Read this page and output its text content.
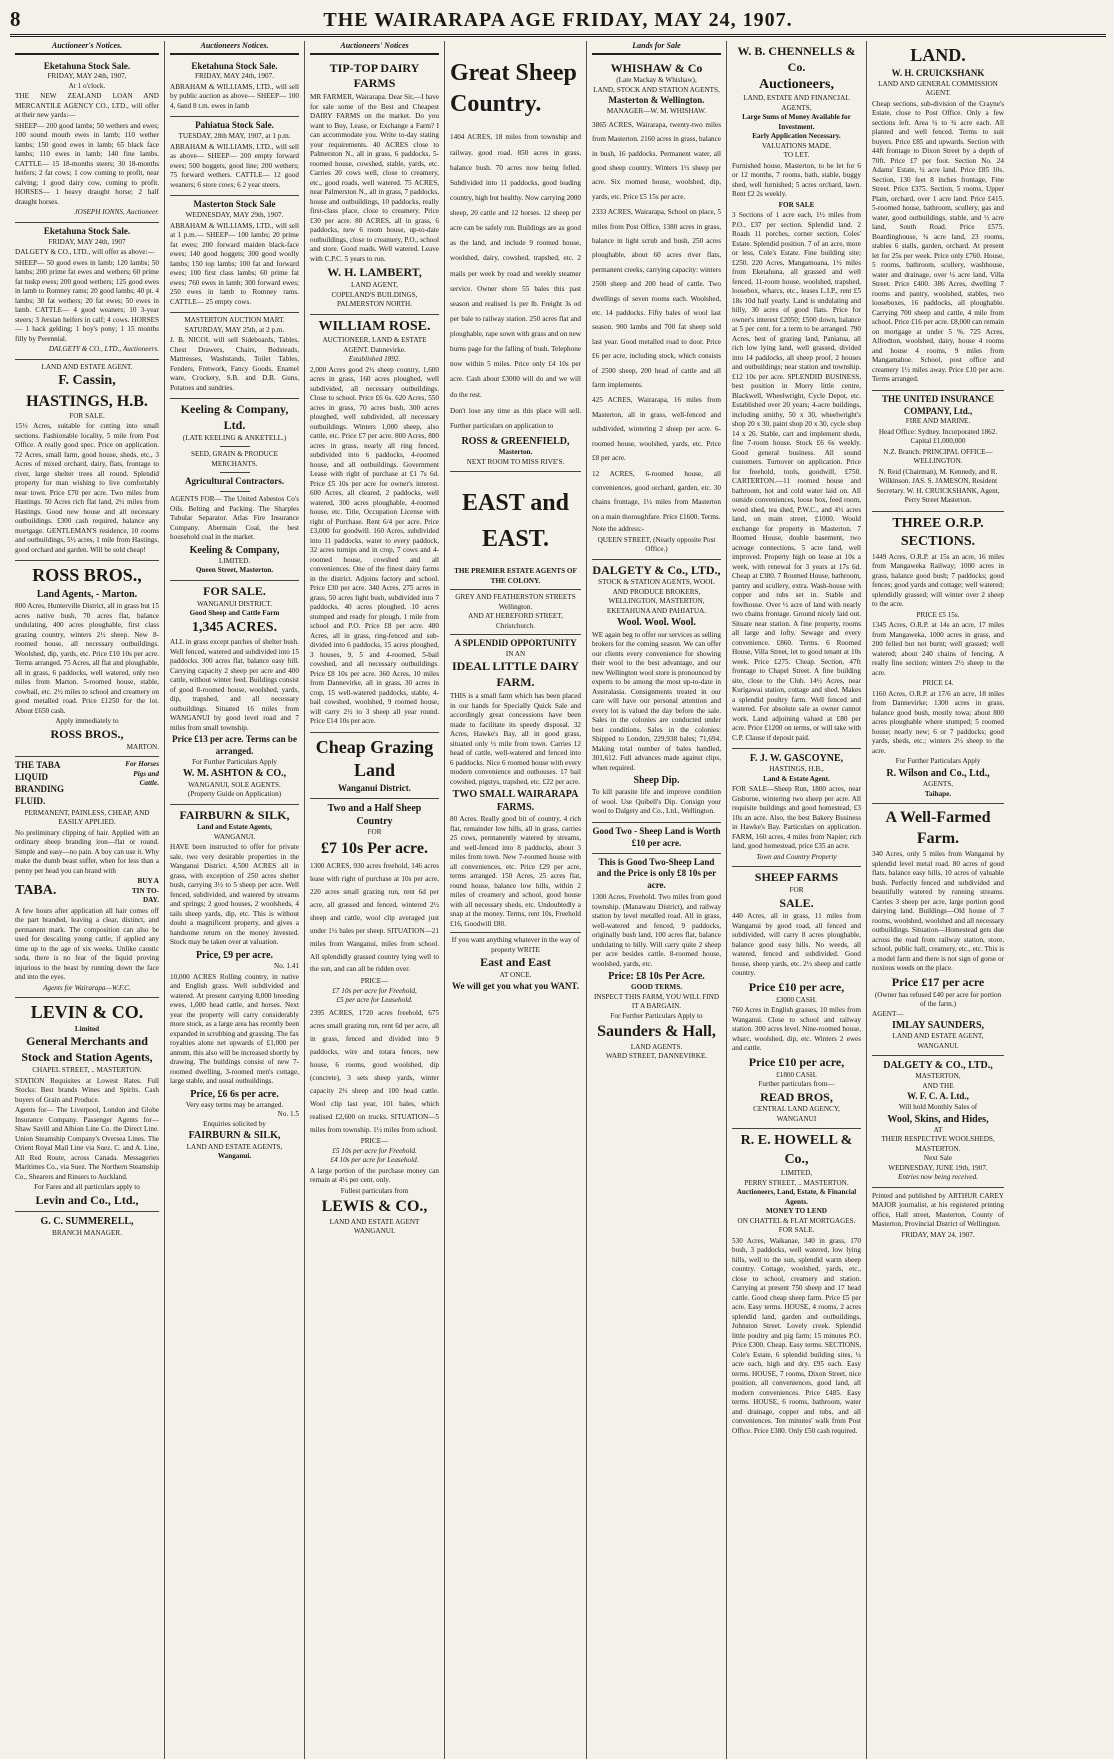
8	THE WAIRARAPA AGE FRIDAY, MAY 24, 1907.
Auctioneer's Notices.
Eketahuna Stock Sale.
FRIDAY, MAY 24th, 1907,
At 1 o'clock.

THE NEW ZEALAND LOAN AND MERCANTILE AGENCY CO., LTD., will offer at their new yards:—

SHEEP— 200 good lambs; 50 wethers and ewes; 100 sound mouth ewes in lamb; 110 wether lambs; 150 good ewes in lamb; 65 black face lambs; 110 ewes in lamb; 140 fine lambs. CATTLE— 15 18-months steers; 30 18-months heifers; 2 fat cows; 1 cow coming to profit, near calving; 1 good dairy cow, coming to profit. HORSES— 1 heavy draught horse; 2 half draught horses.

JOSEPH IONNS, Auctioneer.
Eketahuna Stock Sale.
FRIDAY, MAY 24th, 1907

DALGETY & CO., LTD., will offer as above:—

SHEEP— 50 good ewes in lamb; 120 lambs; 50 lambs; 200 prime fat ewes and wethers; 60 prime fat tuskp ewes; 200 good wethers; 125 good ewes in lamb to Romney rams; 20 good lambs; 40 pt. 4 lambs; 30 fat wethers; 20 fat ewes; 50 ewes in lamb. CATTLE— 4 good weaners; 10 3-year steers; 3 Jersian heifers in calf; 4 cows. HORSES— 1 hack gelding; 1 boy's pony; 1 15 months filly by Perennial.

DALGETY & CO., LTD., Auctioneers.
LAND AND ESTATE AGENT.
F. Cassin,
HASTINGS, H.B.
FOR SALE.

15½ Acres, suitable for cutting into small sections. Fashionable locality, 5 mile from Post Office. A really good spec. Price on application. 72 Acres, small farm, good house, sheds, etc., 3 Acres of mixed orchard, dairy, flats, frontage to river, large shelter trees all round. Splendid property for man wishing to live comfortably near town. Price £70 per acre. Two miles from Hastings. 50 Acres rich flat land, 2½ miles from Hastings. Good new house and all necessary outbuildings. £300 cash required, balance any mortgage. GENTLEMAN'S residence, 10 rooms and outbuildings, 5½ acres, 1 mile from Hastings, good orchard and garden. Will be sold cheap!

ROSS BROS.,
Land Agents, - Marton.

800 Acres, Hunterville District, all in grass but 15 acres native bush, 70 acres flat, balance undulating, 400 acres ploughable, first class grazing country, winters 2½ sheep. New 8-roomed house, all necessary outbuildings. Woolshed, dip, yards, etc. Price £10 10s per acre. Terms arranged. 75 Acres, all flat and ploughable, all in grass, 6 paddocks, well watered, only two miles from Marton. 5-roomed house, stable, cowbail, etc. 2½ miles to school and creamery on good metalled road. Price £1250 for the lot. About £650 cash.

Apply immediately to
ROSS BROS.,
MARTON.
THE TABA LIQUID BRANDING FLUID.
For Horses Pigs and Cattle.

PERMANENT, PAINLESS, CHEAP, AND EASILY APPLIED.

No preliminary clipping of hair. Applied with an ordinary sheep branding iron—flat or round. Simple and easy—no pain. A boy can use it. Why make the dumb beast suffer, when for less than a penny per head you can brand with

TABA.
BUY A TIN TO-DAY.

A few hours after application all hair comes off the part branded, leaving a clear, distinct, and permanent mark. The composition can also be used for descaling young cattle, if applied any time up to the age of six weeks. Unlike caustic soda, there is no fear of the liquid proving injurious to the beast by running down the face and into the eyes.

Agents for Wairarapa—W.F.C.
LEVIN & CO.
Limited
General Merchants and Stock and Station Agents,
CHAPEL STREET, .. MASTERTON.

STATION Requisites at Lowest Rates. Full Stocks: Best brands Wines and Spirits. Cash buyers of Grain and Produce.

Agents for— The Liverpool, London and Globe Insurance Company. Passenger Agents for— Shaw Savill and Albion Line Co. the Direct Line. Union Steamship Company's Oversea Lines. The Orient Royal Mail Line via Suez. C. and A. Line, All Red Route, across Canada. Messageries Maritimes Co., via Suez. The Northern Steamship Co., Shearers and Rinsers to Auckland.

For Fares and all particulars apply to
Levin and Co., Ltd.,
G. C. SUMMERELL,
BRANCH MANAGER.
Auctioneers Notices.
Eketahuna Stock Sale.
FRIDAY, MAY 24th, 1907.

ABRAHAM & WILLIAMS, LTD., will sell by public auction as above— SHEEP— 100 4, 6and 8 t.m. ewes in lamb

Pahiatua Stock Sale.
TUESDAY, 28th MAY, 1907, at 1 p.m.

ABRAHAM & WILLIAMS, LTD., will sell as above— SHEEP— 200 empty forward ewes; 500 hoggets, good line; 200 wethers; 75 forward wethers. CATTLE— 12 good weaners; 6 store cows; 6 2 year steers.

Masterton Stock Sale
WEDNESDAY, MAY 29th, 1907.

ABRAHAM & WILLIAMS, LTD., will sell at 1 p.m.— SHEEP— 100 lambs; 20 prime fat ewes; 200 forward maiden black-face ewes; 140 good hoggets; 300 good woolly lambs; 150 top lambs; 100 fat and forward ewes; 100 first class lambs; 60 prime fat ewes; 760 ewes in lamb; 300 forward ewes; 250 ewes in lamb to Romney rams. CATTLE— 25 empty cows.

MASTERTON AUCTION MART.
SATURDAY, MAY 25th, at 2 p.m.

J. B. NICOL will sell Sideboards, Tables, Chest Drawers, Chairs, Bedsteads, Mattresses, Washstands, Toilet Tables, Fenders, Fretwork, Fancy Goods, Enamel ware, Crockery, S.B. and D.B. Guns, Potatoes and sundries.

Keeling & Company, Ltd.
(LATE KEELING & ANKETELL.)
SEED, GRAIN & PRODUCE MERCHANTS.
Agricultural Contractors.

AGENTS FOR— The United Asbestos Co's Oils. Belting and Packing. The Sharples Tubular Separator. Atlas Fire Insurance Company. Abermain Coal, the best household coal in the market.

Keeling & Company,
LIMITED.
Queen Street, Masterton.
FOR SALE.
WANGANUI DISTRICT.
Good Sheep and Cattle Farm
1,345 ACRES.

ALL in grass except patches of shelter bush. Well fenced, watered and subdivided into 15 paddocks. 300 acres flat, balance easy hill. Carrying capacity 2 sheep per acre and 400 cattle, without winter feed. Buildings consist of good 8-roomed house, woolshed, yards, dip, trapshed, and all necessary outbuildings. Situated 16 miles from WANGANUI by good level road and 7 miles from small township.

Price £13 per acre. Terms can be arranged.
For Further Particulars Apply
W. M. ASHTON & CO.,
WANGANUI, SOLE AGENTS.
(Property Guide on Application)
FAIRBURN & SILK,
Land and Estate Agents,
WANGANUI.

HAVE been instructed to offer for private sale, two very desirable properties in the Wanganui District. 4,500 ACRES all in grass, with exception of 250 acres shelter bush, carrying 3½ to 5 sheep per acre. Well fenced, subdivided, and watered by streams and springs; 2 good houses, 2 woolsheds, 4 tails sheep yards, dip, etc. This is without doubt a magnificent property, and gives a handsome return on the money invested. Stock may be taken over at valuation.

Price, £9 per acre.
No. 1.41

10,000 ACRES Rolling country, in native and English grass. Well subdivided and watered. At present carrying 8,000 breeding ewes, 1,000 head cattle, and horses. Next year the property will carry considerably more stock, as a large area has recently been expanded in scrubbing and grassing. The fax royalties alone net upwards of £1,000 per annum, this also will be increased shortly by drawing. The buildings consist of new 7-roomed dwelling, 3-roomed men's cottage, large stable, and usual outbuildings.

Price, £6 6s per acre.
Very easy terms may be arranged.
No. 1.5
Enquiries solicited by
FAIRBURN & SILK,
LAND AND ESTATE AGENTS,
Wanganui.
Auctioneers' Notices
TIP-TOP DAIRY FARMS

MR FARMER, Wairarapa. Dear Sir,—I have for sale some of the Best and Cheapest DAIRY FARMS on the market. Do you want to Buy, Lease, or Exchange a Farm? I can accommodate you. Write to-day stating your requirements. 40 ACRES close to Palmerston N., all in grass, 6 paddocks, 5-roomed house, cowshed, stable, yards, etc. Carries 20 cows well, close to creamery, etc., good roads, well watered. 75 ACRES, near Palmerston N., all in grass, 7 paddocks, house and outbuildings, 10 paddocks, really first-class place, close to creamery. Price £30 per acre. 80 ACRES, all in grass, 6 paddocks, new 6 room house, up-to-date outbuildings, close to creamery, P.O., school and store. Good roads. Well watered. Leave with C.P.C. 5 years to run.

W. H. LAMBERT,
LAND AGENT,
COPELAND'S BUILDINGS, PALMERSTON NORTH.
WILLIAM ROSE.
AUCTIONEER, LAND & ESTATE AGENT. Dannevirke.
Established 1892.

2,000 Acres good 2½ sheep country, 1,600 acres in grass, 160 acres ploughed, well subdivided, all necessary outbuildings. Close to school. Price £6 6s. 620 Acres, 550 acres in grass, 70 acres bush, 300 acres ploughed, well subdivided, all necessary outbuildings. Winters 1,000 sheep, also cattle, etc. Price £7 per acre. 800 Acres, 800 acres in grass, nearly all ring fenced, subdivided into 6 paddocks, 4-roomed house, and all outbuildings. Government Lease with right of purchase at £1 7s 6d. Price £5 10s per acre for owner's interest. 600 Acres, all cleared, 2 paddocks, well watered, 300 acres ploughable, 4-roomed house, etc. Title, Occupation License with right of Purchase. Rent 6/4 per acre. Price £3,000 for goodwill. 160 Acres, subdivided into 11 paddocks, water to every paddock, 32 acres turnips and in crop, 7 cows and 4-roomed house, cowshed and all conveniences. One of the finest dairy farms in the district. Adjoins factory and school. Price £30 per acre. 340 Acres, 275 acres in grass, 50 acres light bush, subdivided into 7 paddocks, 40 acres ploughed, 10 acres stumped and ready for plough, 1 mile from school and P.O. Price £8 per acre. 480 Acres, all in grass, ring-fenced and sub-divided into 6 paddocks, 15 acres ploughed, 3 houses, 9, 5 and 4-roomed, 5-bail cowshed, and all necessary outbuildings. Price £8 10s per acre. 360 Acres, 10 miles from Dannevirke, all in grass, 30 acres in crop, 15 well-watered paddocks, stable, 4-bail cowshed, woolshed, 9 roomed house, will carry 2½ to 3 sheep all year round. Price £14 10s per acre.

Cheap Grazing Land
Wanganui District.
Two and a Half Sheep Country
FOR
£7 10s Per acre.

1300 ACRES, 930 acres freehold, 146 acres lease with right of purchase at 10s per acre, 220 acres small grazing run, rent 6d per acre, all grassed and fenced, wintered 2½ sheep and cattle, wool clip averaged just under 1½ bales per sheep. SITUATION—21 miles from Wanganui, miles from school. All splendidly grassed country lying well to the sun, and can all be ridden over.

PRICE—
£7 10s per acre for Freehold,
£5 per acre for Leasehold.

2395 ACRES, 1720 acres freehold, 675 acres small grazing run, rent 6d per acre, all in grass, fenced and divided into 9 paddocks, wire and totara fences, new house, 6 rooms, good woolshed, dip (concrete), 3 sets sheep yards, winter capacity 2½ sheep and 100 head cattle. Wool clip last year, 101 bales, which realised £2,600 on trucks. SITUATION—5 miles from township. 1½ miles from school.

PRICE—
£5 10s per acre for Freehold.
£4 10s per acre for Leasehold.

A large portion of the purchase money can remain at 4½ per cent. only.

Fullest particulars from
LEWIS & CO.,
LAND AND ESTATE AGENT
WANGANUI.
Great Sheep Country.

1404 ACRES, 18 miles from township and railway, good road. 850 acres in grass, balance bush. 70 acres now being felled. Subdivided into 11 paddocks, good leading country, high but healthy. Now carrying 2000 sheep, 20 cattle and 12 horses. 12 sheep per acre can be safely run. Buildings are as good as the land, and include 9 roomed house, woolshed, dairy, cowshed, trapshed, etc. 2 mails per week by road and weekly steamer service. Owner shore 55 bales this past season and realised 1s per lb. Freight 3s od per bale to railway station. 250 acres flat and ploughable, rape sown with grass and on new burns page for the falling of bush. Telephone now within 5 miles. Price only £4 10s per acre. Cash about £3000 will do and we will do the rest.

Don't lose any time as this place will sell. Further particulars on application to

ROSS & GREENFIELD,
Masterton.
NEXT ROOM TO MISS RIVE'S.
EAST and EAST.
THE PREMIER ESTATE AGENTS OF THE COLONY.
GREY AND FEATHERSTON STREETS Wellington.
AND AT HEREFORD STREET, Christchurch.
A SPLENDID OPPORTUNITY
IN AN
IDEAL LITTLE DAIRY FARM.

THIS is a small farm which has been placed in our hands for Specially Quick Sale and accordingly great concessions have been made to facilitate its speedy disposal. 32 Acres, Hawke's Bay, all in good grass, situated only ½ mile from town. Carries 12 head of cattle, well-watered and fenced into 6 paddocks. Nice 6 roomed house with every modern convenience and outhouses. 17 bail cowshed, pigstys, trapshed, etc. £22 per acre.

TWO SMALL WAIRARAPA FARMS.

80 Acres. Really good bit of country, 4 rich flat, remainder low hills, all in grass, carries 25 cows, permanently watered by streams, and well-fenced into 8 paddocks, about 3 miles from town. New 7-roomed house with all conveniences, etc. Price £29 per acre, terms arranged. 150 Acres, 25 acres flat, round house, balance low hills, within 2 miles of creamery and school, good house with all necessary sheds, etc. Undoubtedly a snap at the money. Terms, rent 10s, Freehold £16, Goodwill £80.

If you want anything whatever in the way of property WRITE
East and East
AT ONCE.
We will get you what you WANT.
Lands for Sale
WHISHAW & Co
(Late Mackay & Whishaw),
LAND, STOCK AND STATION AGENTS,
Masterton & Wellington.
MANAGER—W. M. WHISHAW.

3865 ACRES, Wairarapa, twenty-two miles from Masterton. 2160 acres in grass, balance in bush, 16 paddocks. Permanent water, all good sheep country. Winters 1½ sheep per acre. Six roomed house, woolshed, dip, yards, etc. Price £5 15s per acre.

2333 ACRES, Wairarapa, School on place, 5 miles from Post Office, 1380 acres in grass, balance in light scrub and bush, 250 acres ploughable, about 60 acres river flats, permanent creeks, carrying capacity: winters 2500 sheep and 200 head of cattle. Two dwellings of seven rooms each. Woolshed, etc. 14 paddocks. Fifty bales of wool last season. 900 lambs and 700 fat sheep sold last year. Good metalled road to door. Price £6 per acre, including stock, which consists of 2500 sheep, 200 head of cattle and all farm implements.

425 ACRES, Wairarapa, 16 miles from Masterton, all in grass, well-fenced and subdivided, wintering 2 sheep per acre. 6-roomed house, woolshed, yards, etc. Price £8 per acre.

12 ACRES, 6-roomed house, all conveniences, good orchard, garden, etc. 30 chains frontage, 1½ miles from Masterton on a main thoroughfare. Price £1600. Terms.

Note the address:-

QUEEN STREET, (Nearly opposite Post Office.)
DALGETY & Co., LTD.,
STOCK & STATION AGENTS, WOOL AND PRODUCE BROKERS, WELLINGTON, MASTERTON, EKETAHUNA AND PAHIATUA.
Wool. Wool. Wool.

WE again beg to offer our services as selling brokers for the coming season. We can offer our clients every convenience for showing their wool to the best advantage, and our new Wellington wool store is pronounced by experts to be among the most up-to-date in Australasia. Consignments treated in our care will have our personal attention and every lot is valued the day before the sale. Sales in the colonies are conducted under best conditions. Sales in the colonies: Shipped to London, 229,938 bales; 71,694. Making total number of bales handled, 301,612. Full advances made against clips, when required.

Sheep Dip.

To kill parasite life and improve condition of wool. Use Quibell's Dip. Consign your wool to Dalgety and Co., Ltd., Wellington.

Good Two - Sheep Land is Worth £10 per acre.
This is Good Two-Sheep Land and the Price is only £8 10s per acre.

1300 Acres, Freehold. Two miles from good township. (Manawatu District), and railway station by level metalled road. All in grass, well-watered and fenced, 9 paddocks, originally bush land, 100 acres flat, balance undulating to hilly. Will carry quite 2 sheep per acre besides cattle. 8-roomed house, woolshed, yards, etc.

Price: £8 10s Per Acre.
GOOD TERMS.
INSPECT THIS FARM, YOU WILL FIND IT A BARGAIN.
For Further Particulars Apply to
Saunders & Hall,
LAND AGENTS.
WARD STREET, DANNEVIRKE.
W. B. CHENNELLS & Co.
Auctioneers,
LAND, ESTATE AND FINANCIAL AGENTS,
Large Sums of Money Available for Investment.
Early Application Necessary.
VALUATIONS MADE.
TO LET.

Furnished house, Masterton, to be let for 6 or 12 months, 7 rooms, bath, stable, buggy shed, well furnished; 5 acres orchard, lawn. Rent £2 2s weekly.

FOR SALE

3 Sections of 1 acre each, 1½ miles from P.O., £37 per section. Splendid land. 2 Roads 11 porches, corner section, Coles' Estate. Splendid position. 7 of an acre, more or less, Cole's Estate. Fine building site; £250. 220 Acres, Mangamoana, 1½ miles from Eketahuna, all grassed and well fenced, 11-room house, woolshed, trapshed, loosebox, wharcs, etc., leases L.I.P., rent £5 18s 10d half yearly. Land is undulating and hilly, 30 acres of good flats. Price for owner's interest £2050; £500 down, balance at 5 per cent. for a term to be arranged. 790 Acres, best of grazing land, Paniatua, all rich low lying land, well grassed, divided into 14 paddocks, all sheep proof, 2 houses and outbuildings; near station and township. £12 10s per acre. SPLENDID BUSINESS, best position in Morry little centre, Blackwell, Wheelwright, Cycle Depot, etc. Established over 20 years; 4-acre buildings, including smithy, 50 x 30, wheelwright's shop 20 x 30, paint shop 20 x 30, cycle shop 14 x 26. Stable, cart and implement sheds, fine 7-room house. Stock £6 6s weekly. Good general business. All sound customers. Turnover on application. Price for freehold, tools, goodwill, £750. CARTERTON.—11 roomed house and bathroom, hot and cold water laid on. All outside conveniences, loose box, feed room, wood shed, tea shed, P.W.C., and 4½ acres land, on main street, £1000. Would exchange for property in Masterton. 7 Roomed House, double basement, two acreage connections, 5 acre land, well improved. Property high on lease at 10s a week, with renewal for 3 years at 17s 6d. Cheap at £380. 7 Roomed House, bathroom, pantry and scullery, extra. Wash-house with copper and tubs set in. Stable and fowlhouse. Over ½ acre of land with nearly two chains frontage. Ground nicely laid out. Situate near station. A fine property, rooms all large and lofty. Sewage and every convenience. £860. Terms. 6 Roomed House, Villa Street, let to good tenant at 10s week. Price £275. Cheap. Section, 47ft frontage to Chapel Street. A fine building site, close to the Club. 14½ Acres, near Kurigawai station, cottage and shed. Makes a splendid poultry farm. Well fenced and watered. For absolute sale as owner cannot work. Land adjoining valued at £80 per acre. Price £1200 on terms, or will take with C.P. Clause if deposit paid.

F. J. W. GASCOYNE,
HASTINGS, H.B.,
Land & Estate Agent.

FOR SALE—Sheep Run, 1800 acres, near Gisborne, wintering two sheep per acre. All requisite buildings and good homestead, £3 10s an acre. Also, the best Bakery Business in Hawke's Bay. Particulars on application. FARM, 160 acres, 4 miles from Napier; rich land, good homestead, price £35 an acre.

Town and Country Property
SHEEP FARMS
FOR
SALE.

440 Acres, all in grass, 11 miles from Wanganui by good road, all fenced and subdivided, will carry 8 acres ploughable, balance good easy hills. No weeds, all watered, fenced and subdivided. Good house, sheep yards, etc. 2½ sheep and cattle country.

Price £10 per acre,
£3000 CASH.

760 Acres in English grasses, 10 miles from Wanganui. Close to school and railway station. 300 acres level. Nine-roomed house, wharc, woolshed, dip, etc. Winters 2 ewes and cattle.

Price £10 per acre,
£1800 CASH.
Further particulars from—
READ BROS,
CENTRAL LAND AGENCY,
WANGANUI
R. E. HOWELL & Co.,
LIMITED,
PERRY STREET, .. MASTERTON.
Auctioneers, Land, Estate, & Financial Agents.
MONEY TO LEND
ON CHATTEL & FLAT MORTGAGES.
FOR SALE.

530 Acres, Waikanae, 340 in grass, 170 bush, 3 paddocks, well watered, low lying hills, well to the sun, splendid warm sheep country. Cottage, woolshed, yards, etc., close to school, creamery and station. Carrying at present 750 sheep and 17 head cattle. Good cheap sheep farm. Price £5 per acre. Easy terms. HOUSE, 4 rooms, 2 acres splendid land, garden and outbuildings, Johnston Street. Lovely creek. Splendid little poultry and pig farm; 15 minutes P.O. Price £300. Cheap. Easy terms. SECTIONS, Cole's Estate, 6 splendid building sites, ¼ acre each, high and dry. £95 each. Easy terms. HOUSE, 7 rooms, Dixon Street, nice position, all conveniences, good land, all modern conveniences. Price £485. Easy terms. HOUSE, 6 rooms, bathroom, water and drainage, copper and tubs, and all conveniences. Ten minutes' walk from Post Office. Price £380. Only £50 cash required.

LAND.
W. H. CRUICKSHANK
LAND AND GENERAL COMMISSION AGENT.

Cheap sections, sub-division of the Crayne's Estate, close to Post Office. Only a few sections left. Area ¼ to ¾ acre each. All planted and well fenced. Terms to suit buyers. Price £85 and upwards. Section with 44ft frontage to Dixon Street by a depth of 70ft. Price £7 per foot. Section No. 24 Adams' Estate, ¼ acre land. Price £85 10s. Section, 130 feet 8 inches frontage, Fine Street. Price £375. Section, 5 rooms, Upper Plain, orchard, over 1 acre land. Price £415. 5-roomed house, bathroom, scullery, gas and water, good outbuildings, stable, and ½ acre land, South Road. Price £575. Boardinghouse, ¾ acre land, 23 rooms, stables 6 stalls, garden, orchard. At present let for 25s per week. Price only £760. House, 5 rooms, bathroom, scullery, washhouse, water and drainage, over ¼ acre land, Villa Street. Price £400. 386 Acres, dwelling 7 rooms and pantry, woolshed, stables, two looseboxes, 16 paddocks, all ploughable. Carrying 700 sheep and cattle, 4 mile from school. Price £16 per acre. £8,000 can remain on mortgage at under 5 %. 725 Acres, Alfredton, woolshed, dairy, house 4 rooms and house 4 rooms, 9 miles from Mangamahoe. School, post office and creamery 1½ miles away. Price £10 per acre. Terms arranged.

THE UNITED INSURANCE COMPANY, Ltd.,
FIRE AND MARINE.

Head Office: Sydney. Incorporated 1862. Capital £1,000,000

N.Z. Branch: PRINCIPAL OFFICE—WELLINGTON.

N. Reid (Chairman), M. Kennedy, and R. Wilkinson. JAS. S. JAMESON, Resident Secretary. W. H. CRUICKSHANK, Agent, Perry Street Masterton.

THREE O.R.P. SECTIONS.

1449 Acres, O.R.P. at 15s an acre, 16 miles from Mangaweka Railway; 1000 acres in grass, balance good bush; 7 paddocks; good fences; good yards and cottage; well watered; splendidly grassed; will winter over 2 sheep to the acre.

PRICE £5 15s.

1345 Acres, O.R.P. at 14s an acre, 17 miles from Mangaweka, 1000 acres in grass, and 200 felled but not burnt; well grassed; well watered; about 240 chains of fencing. A really fine section; winters 2½ sheep to the acre.

PRICE £4.

1160 Acres, O.R.P. at 17/6 an acre, 18 miles from Dannevirke; 1300 acres in grass, balance good bush, mostly towa; about 800 acres ploughable where stumped; 5 roomed house; nearly new; 6 or 7 paddocks; good yards, sheds, etc.; winters 2½ sheep to the acre.

For Further Particulars Apply
R. Wilson and Co., Ltd.,
AGENTS,
Taihape.
A Well-Farmed Farm.

340 Acres, only 5 miles from Wanganui by splendid level metal road. 80 acres of good flats, balance easy hills, 10 acres of valuable bush. Perfectly fenced and subdivided and beautifully watered by running streams. Carries 3 sheep per acre, large portion good dairying land. Buildings—Old house of 7 rooms, woolshed, woolshed and all necessary outbuildings. Situation—Homestead gets due across the road from railway station, store, school, public hall, creamery, etc., etc. This is a model farm and there is not sign of gorse or noxious weeds on the place.

Price £17 per acre
(Owner has refused £40 per acre for portion of the farm.)
AGENT—
IMLAY SAUNDERS,
LAND AND ESTATE AGENT,
WANGANUI.
DALGETY & CO., LTD.,
MASTERTON,
AND THE
W. F. C. A. Ltd.,
Will hold Monthly Sales of
Wool, Skins, and Hides,
AT
THEIR RESPECTIVE WOOLSHEDS, MASTERTON.
Next Sale
WEDNESDAY, JUNE 19th, 1907.
Entries now being received.

Printed and published by ARTHUR CAREY MAJOR journalist, at his registered printing office, Hall street, Masterton, County of Masterton, Provincial District of Wellington.

FRIDAY, MAY 24, 1907.
